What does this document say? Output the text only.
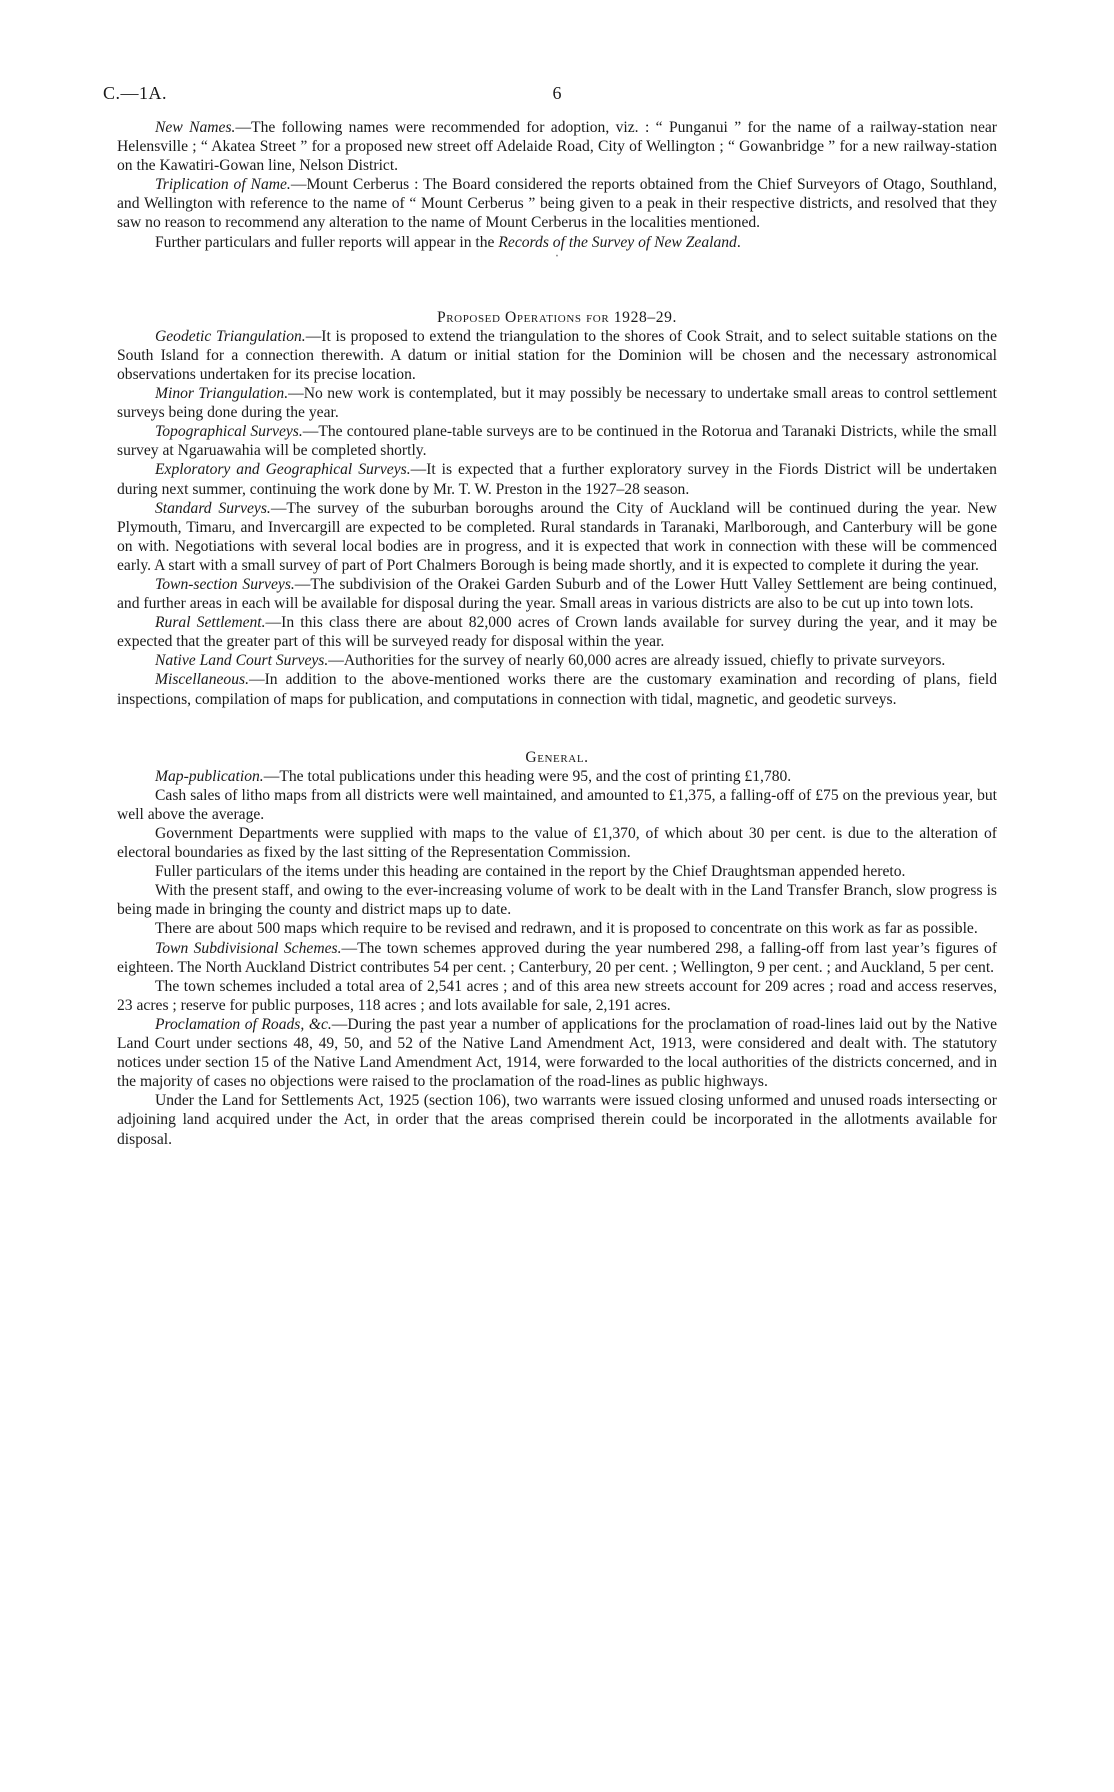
C.—1A.	6

New Names.—The following names were recommended for adoption, viz. : “ Punganui ” for the name of a railway-station near Helensville ; “ Akatea Street ” for a proposed new street off Adelaide Road, City of Wellington ; “ Gowanbridge ” for a new railway-station on the Kawatiri-Gowan line, Nelson District.

Triplication of Name.—Mount Cerberus : The Board considered the reports obtained from the Chief Surveyors of Otago, Southland, and Wellington with reference to the name of “ Mount Cerberus ” being given to a peak in their respective districts, and resolved that they saw no reason to recommend any alteration to the name of Mount Cerberus in the localities mentioned.

Further particulars and fuller reports will appear in the Records of the Survey of New Zealand.

·
Proposed Operations for 1928–29.

Geodetic Triangulation.—It is proposed to extend the triangulation to the shores of Cook Strait, and to select suitable stations on the South Island for a connection therewith. A datum or initial station for the Dominion will be chosen and the necessary astronomical observations undertaken for its precise location.

Minor Triangulation.—No new work is contemplated, but it may possibly be necessary to undertake small areas to control settlement surveys being done during the year.

Topographical Surveys.—The contoured plane-table surveys are to be continued in the Rotorua and Taranaki Districts, while the small survey at Ngaruawahia will be completed shortly.

Exploratory and Geographical Surveys.—It is expected that a further exploratory survey in the Fiords District will be undertaken during next summer, continuing the work done by Mr. T. W. Preston in the 1927–28 season.

Standard Surveys.—The survey of the suburban boroughs around the City of Auckland will be continued during the year. New Plymouth, Timaru, and Invercargill are expected to be completed. Rural standards in Taranaki, Marlborough, and Canterbury will be gone on with. Negotiations with several local bodies are in progress, and it is expected that work in connection with these will be commenced early. A start with a small survey of part of Port Chalmers Borough is being made shortly, and it is expected to complete it during the year.

Town-section Surveys.—The subdivision of the Orakei Garden Suburb and of the Lower Hutt Valley Settlement are being continued, and further areas in each will be available for disposal during the year. Small areas in various districts are also to be cut up into town lots.

Rural Settlement.—In this class there are about 82,000 acres of Crown lands available for survey during the year, and it may be expected that the greater part of this will be surveyed ready for disposal within the year.

Native Land Court Surveys.—Authorities for the survey of nearly 60,000 acres are already issued, chiefly to private surveyors.

Miscellaneous.—In addition to the above-mentioned works there are the customary examination and recording of plans, field inspections, compilation of maps for publication, and computations in connection with tidal, magnetic, and geodetic surveys.

General.

Map-publication.—The total publications under this heading were 95, and the cost of printing £1,780.

Cash sales of litho maps from all districts were well maintained, and amounted to £1,375, a falling-off of £75 on the previous year, but well above the average.

Government Departments were supplied with maps to the value of £1,370, of which about 30 per cent. is due to the alteration of electoral boundaries as fixed by the last sitting of the Representation Commission.

Fuller particulars of the items under this heading are contained in the report by the Chief Draughtsman appended hereto.

With the present staff, and owing to the ever-increasing volume of work to be dealt with in the Land Transfer Branch, slow progress is being made in bringing the county and district maps up to date.

There are about 500 maps which require to be revised and redrawn, and it is proposed to concentrate on this work as far as possible.

Town Subdivisional Schemes.—The town schemes approved during the year numbered 298, a falling-off from last year’s figures of eighteen. The North Auckland District contributes 54 per cent. ; Canterbury, 20 per cent. ; Wellington, 9 per cent. ; and Auckland, 5 per cent.

The town schemes included a total area of 2,541 acres ; and of this area new streets account for 209 acres ; road and access reserves, 23 acres ; reserve for public purposes, 118 acres ; and lots available for sale, 2,191 acres.

Proclamation of Roads, &c.—During the past year a number of applications for the proclamation of road-lines laid out by the Native Land Court under sections 48, 49, 50, and 52 of the Native Land Amendment Act, 1913, were considered and dealt with. The statutory notices under section 15 of the Native Land Amendment Act, 1914, were forwarded to the local authorities of the districts concerned, and in the majority of cases no objections were raised to the proclamation of the road-lines as public highways.

Under the Land for Settlements Act, 1925 (section 106), two warrants were issued closing unformed and unused roads intersecting or adjoining land acquired under the Act, in order that the areas comprised therein could be incorporated in the allotments available for disposal.
